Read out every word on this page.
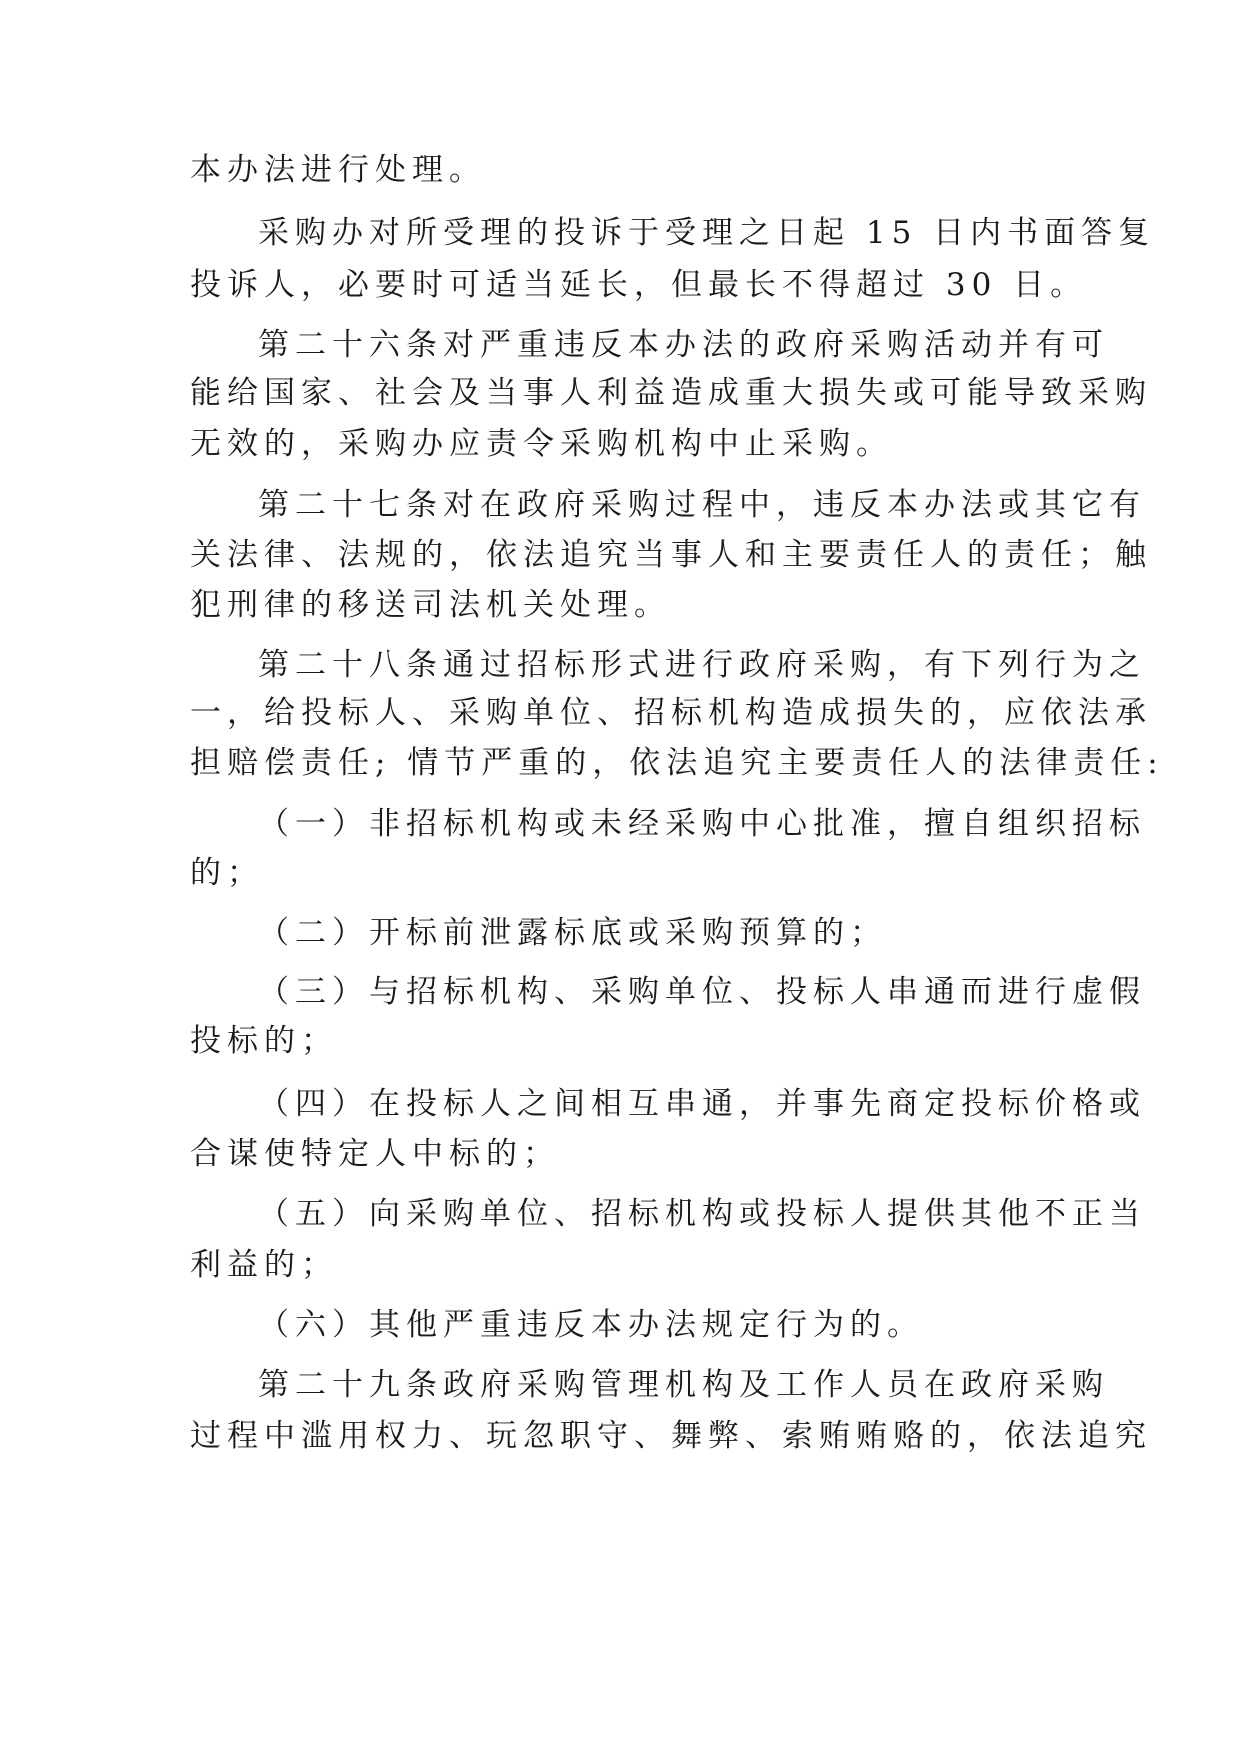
本办法进行处理。
采购办对所受理的投诉于受理之日起 15 日内书面答复
投诉人，必要时可适当延长，但最长不得超过 30 日。
第二十六条对严重违反本办法的政府采购活动并有可
能给国家、社会及当事人利益造成重大损失或可能导致采购
无效的，采购办应责令采购机构中止采购。
第二十七条对在政府采购过程中，违反本办法或其它有
关法律、法规的，依法追究当事人和主要责任人的责任；触
犯刑律的移送司法机关处理。
第二十八条通过招标形式进行政府采购，有下列行为之
一，给投标人、采购单位、招标机构造成损失的，应依法承
担赔偿责任; 情节严重的，依法追究主要责任人的法律责任:
（一）非招标机构或未经采购中心批准，擅自组织招标
的；
（二）开标前泄露标底或采购预算的；
（三）与招标机构、采购单位、投标人串通而进行虚假
投标的；
（四）在投标人之间相互串通，并事先商定投标价格或
合谋使特定人中标的；
（五）向采购单位、招标机构或投标人提供其他不正当
利益的；
（六）其他严重违反本办法规定行为的。
第二十九条政府采购管理机构及工作人员在政府采购
过程中滥用权力、玩忽职守、舞弊、索贿贿赂的，依法追究
